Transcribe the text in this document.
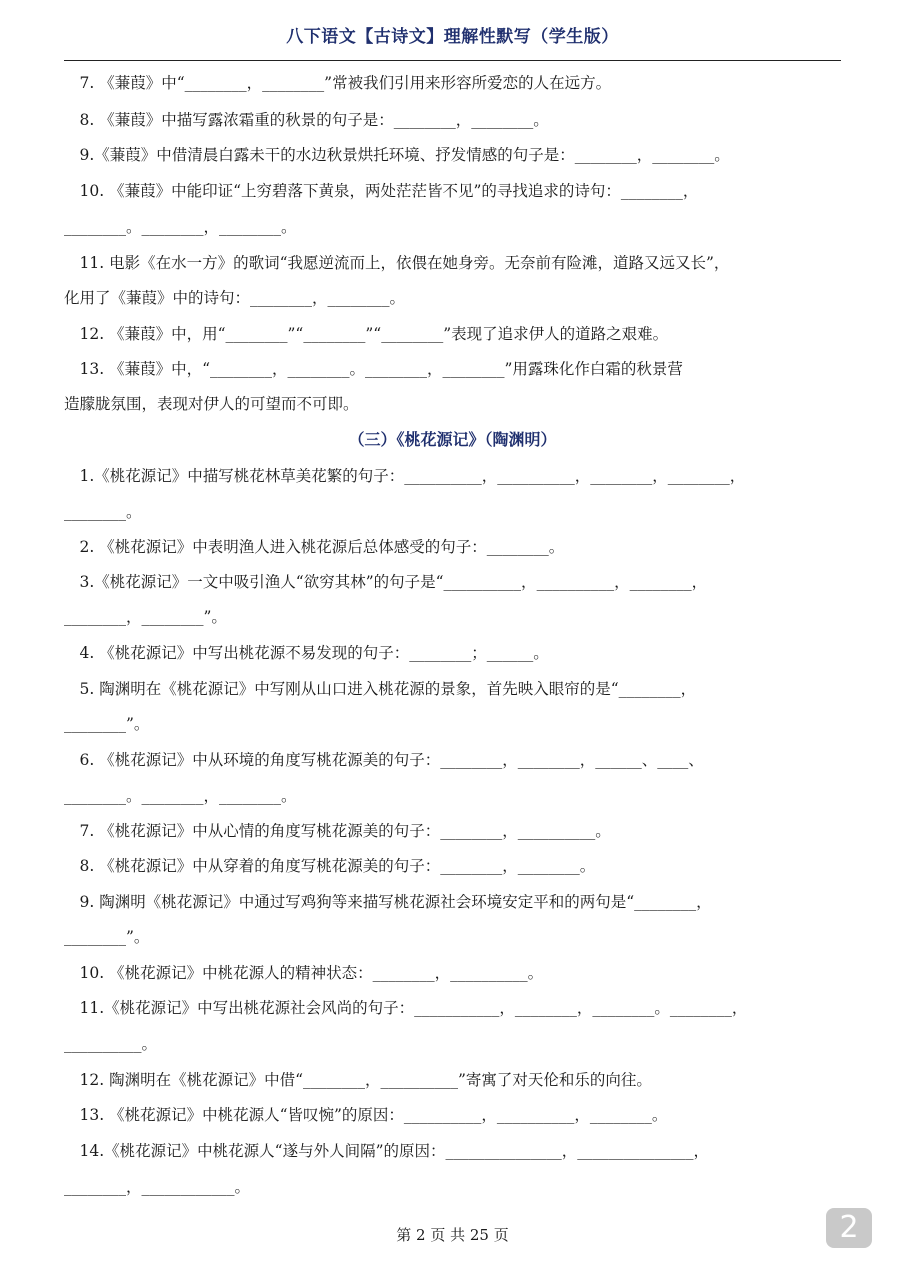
八下语文【古诗文】理解性默写（学生版）
　7. 《蒹葭》中“________，________”常被我们引用来形容所爱恋的人在远方。
　8. 《蒹葭》中描写露浓霜重的秋景的句子是：________，________。
　9.《蒹葭》中借清晨白露未干的水边秋景烘托环境、抒发情感的句子是：________，________。
　10. 《蒹葭》中能印证“上穷碧落下黄泉，两处茫茫皆不见”的寻找追求的诗句：________，
________。________，________。
　11. 电影《在水一方》的歌词“我愿逆流而上，依偎在她身旁。无奈前有险滩，道路又远又长”，
化用了《蒹葭》中的诗句：________，________。
　12. 《蒹葭》中，用“________”“________”“________”表现了追求伊人的道路之艰难。
　13. 《蒹葭》中，“________，________。________，________”用露珠化作白霜的秋景营
造朦胧氛围，表现对伊人的可望而不可即。
（三）《桃花源记》（陶渊明）
　1.《桃花源记》中描写桃花林草美花繁的句子：__________，__________，________，________，
________。
　2. 《桃花源记》中表明渔人进入桃花源后总体感受的句子：________。
　3.《桃花源记》一文中吸引渔人“欲穷其林”的句子是“__________，__________，________，
________，________”。
　4. 《桃花源记》中写出桃花源不易发现的句子：________；______。
　5. 陶渊明在《桃花源记》中写刚从山口进入桃花源的景象，首先映入眼帘的是“________，
________”。
　6. 《桃花源记》中从环境的角度写桃花源美的句子：________，________，______、____、
________。________，________。
　7. 《桃花源记》中从心情的角度写桃花源美的句子：________，__________。
　8. 《桃花源记》中从穿着的角度写桃花源美的句子：________，________。
　9. 陶渊明《桃花源记》中通过写鸡狗等来描写桃花源社会环境安定平和的两句是“________，
________”。
　10. 《桃花源记》中桃花源人的精神状态：________，__________。
　11.《桃花源记》中写出桃花源社会风尚的句子：___________，________，________。________，
__________。
　12. 陶渊明在《桃花源记》中借“________，__________”寄寓了对天伦和乐的向往。
　13. 《桃花源记》中桃花源人“皆叹惋”的原因：__________，__________，________。
　14.《桃花源记》中桃花源人“遂与外人间隔”的原因：_______________，_______________，
________，____________。
第 2 页 共 25 页	2
